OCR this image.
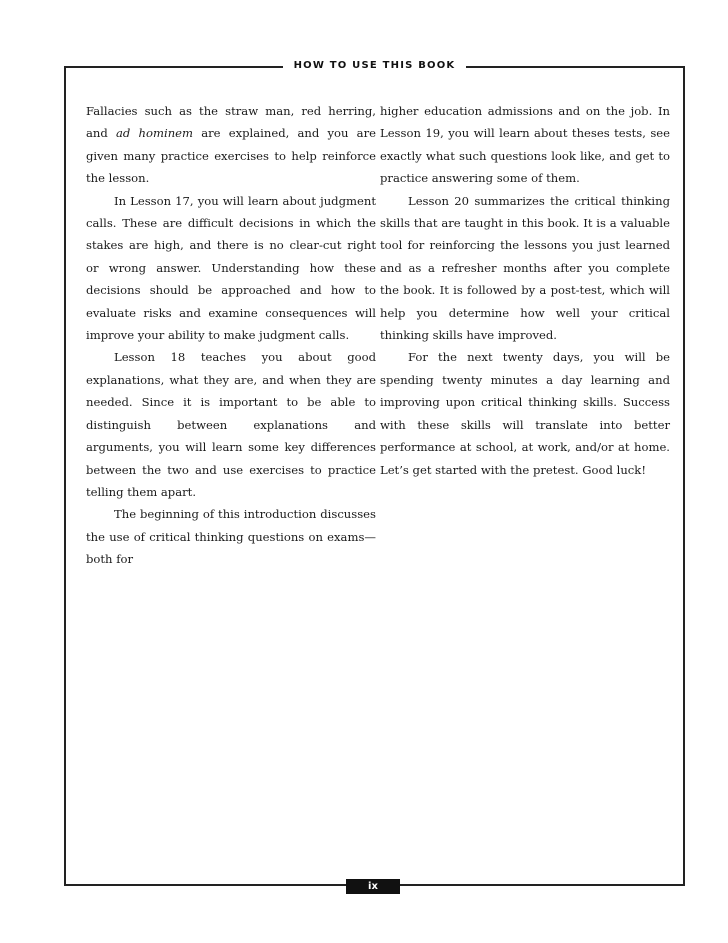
HOW TO USE THIS BOOK

Fallacies such as the straw man, red herring, and ad hominem are explained, and you are given many practice exercises to help reinforce the lesson.

In Lesson 17, you will learn about judgment calls. These are difficult decisions in which the stakes are high, and there is no clear-cut right or wrong answer. Understanding how these decisions should be approached and how to evaluate risks and examine consequences will improve your ability to make judgment calls.

Lesson 18 teaches you about good explanations, what they are, and when they are needed. Since it is important to be able to distinguish between explanations and arguments, you will learn some key differences between the two and use exercises to practice telling them apart.

The beginning of this introduction discusses the use of critical thinking questions on exams—both for

higher education admissions and on the job. In Lesson 19, you will learn about theses tests, see exactly what such questions look like, and get to practice answering some of them.

Lesson 20 summarizes the critical thinking skills that are taught in this book. It is a valuable tool for reinforcing the lessons you just learned and as a refresher months after you complete the book. It is followed by a post-test, which will help you determine how well your critical thinking skills have improved.

For the next twenty days, you will be spending twenty minutes a day learning and improving upon critical thinking skills. Success with these skills will translate into better performance at school, at work, and/or at home. Let’s get started with the pretest. Good luck!

ix
